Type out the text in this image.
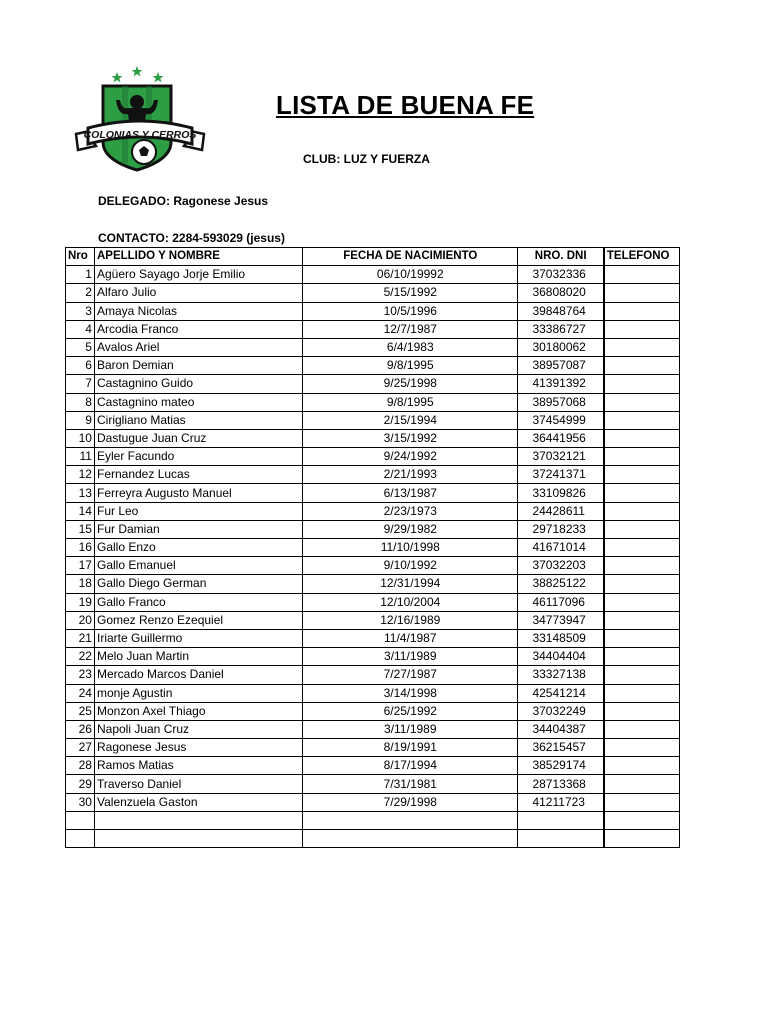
COLONIAS Y CERROS
LISTA DE BUENA FE
CLUB: LUZ Y FUERZA
DELEGADO: Ragonese Jesus
CONTACTO: 2284-593029 (jesus)
Nro	APELLIDO Y NOMBRE	FECHA DE NACIMIENTO	NRO. DNI	TELEFONO
1	Agüero Sayago Jorje Emilio	06/10/19992	37032336	
2	Alfaro Julio	5/15/1992	36808020	
3	Amaya Nicolas	10/5/1996	39848764	
4	Arcodia Franco	12/7/1987	33386727	
5	Avalos Ariel	6/4/1983	30180062	
6	Baron Demian	9/8/1995	38957087	
7	Castagnino Guido	9/25/1998	41391392	
8	Castagnino mateo	9/8/1995	38957068	
9	Cirigliano Matias	2/15/1994	37454999	
10	Dastugue Juan Cruz	3/15/1992	36441956	
11	Eyler Facundo	9/24/1992	37032121	
12	Fernandez Lucas	2/21/1993	37241371	
13	Ferreyra Augusto Manuel	6/13/1987	33109826	
14	Fur Leo	2/23/1973	24428611	
15	Fur Damian	9/29/1982	29718233	
16	Gallo Enzo	11/10/1998	41671014	
17	Gallo Emanuel	9/10/1992	37032203	
18	Gallo Diego German	12/31/1994	38825122	
19	Gallo Franco	12/10/2004	46117096	
20	Gomez Renzo Ezequiel	12/16/1989	34773947	
21	Iriarte Guillermo	11/4/1987	33148509	
22	Melo Juan Martin	3/11/1989	34404404	
23	Mercado Marcos Daniel	7/27/1987	33327138	
24	monje Agustin	3/14/1998	42541214	
25	Monzon Axel Thiago	6/25/1992	37032249	
26	Napoli Juan Cruz	3/11/1989	34404387	
27	Ragonese Jesus	8/19/1991	36215457	
28	Ramos Matias	8/17/1994	38529174	
29	Traverso Daniel	7/31/1981	28713368	
30	Valenzuela Gaston	7/29/1998	41211723	
